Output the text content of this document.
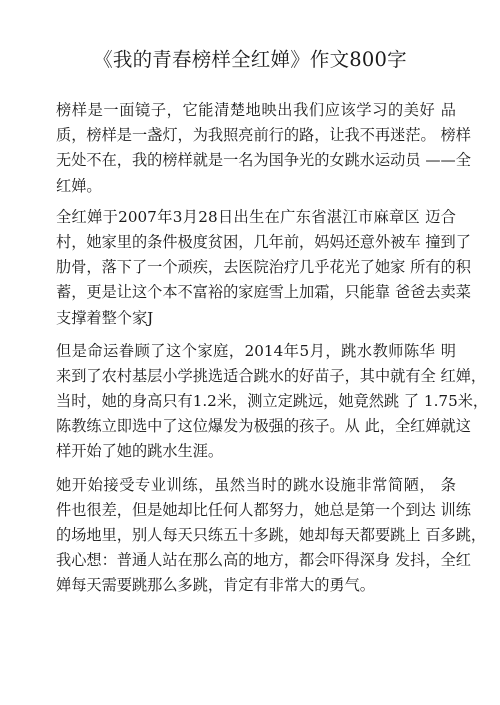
《我的青春榜样全红婵》作文800字
榜样是一面镜子，它能清楚地映出我们应该学习的美好 品
质，榜样是一盏灯，为我照亮前行的路，让我不再迷茫。 榜样
无处不在，我的榜样就是一名为国争光的女跳水运动员 ——全
红婵。
全红婵于2007年3月28日出生在广东省湛江市麻章区 迈合
村，她家里的条件极度贫困，几年前，妈妈还意外被车 撞到了
肋骨，落下了一个顽疾，去医院治疗几乎花光了她家 所有的积
蓄，更是让这个本不富裕的家庭雪上加霜，只能靠 爸爸去卖菜
支撑着整个家J
但是命运眷顾了这个家庭，2014年5月，跳水教师陈华 明
来到了农村基层小学挑选适合跳水的好苗子，其中就有全 红婵，
当时，她的身高只有1.2米，测立定跳远，她竟然跳 了 1.75米，
陈教练立即选中了这位爆发为极强的孩子。从 此，全红婵就这
样开始了她的跳水生涯。
她开始接受专业训练，虽然当时的跳水设施非常简陋， 条
件也很差，但是她却比任何人都努力，她总是第一个到达 训练
的场地里，别人每天只练五十多跳，她却每天都要跳上 百多跳，
我心想：普通人站在那么高的地方，都会吓得深身 发抖，全红
婵每天需要跳那么多跳，肯定有非常大的勇气。
